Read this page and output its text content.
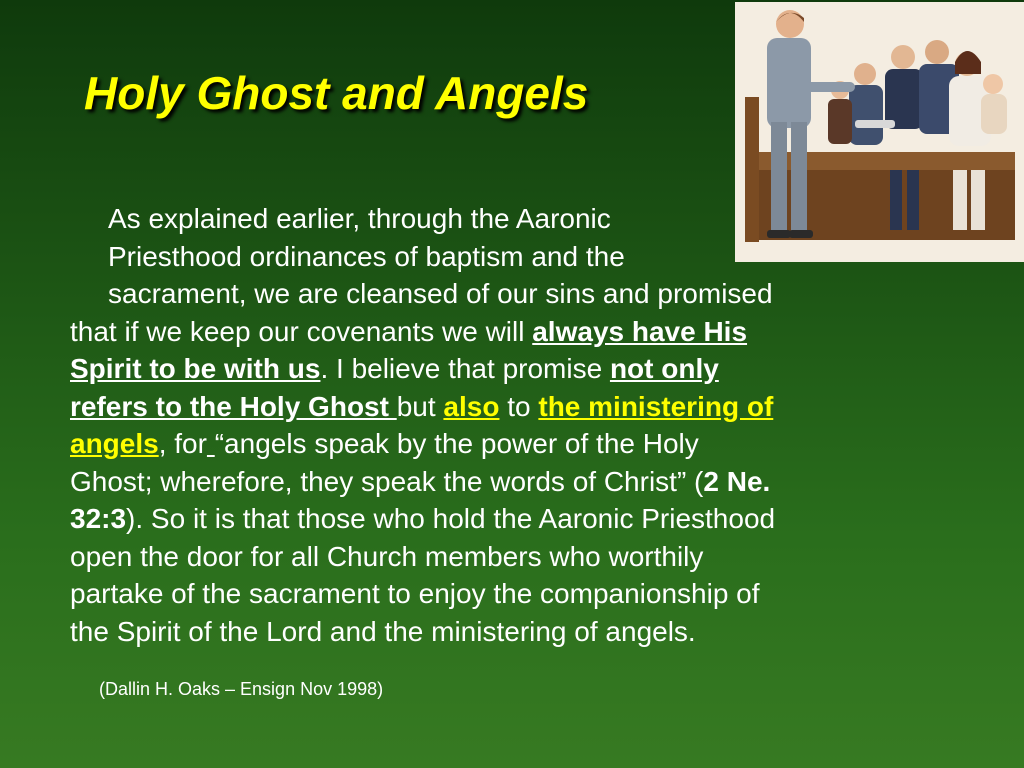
Holy Ghost and Angels
As explained earlier, through the Aaronic
Priesthood ordinances of baptism and the
sacrament, we are cleansed of our sins and promised
that if we keep our covenants we will always have His
Spirit to be with us. I believe that promise not only
refers to the Holy Ghost but also to the ministering of
angels, for “angels speak by the power of the Holy
Ghost; wherefore, they speak the words of Christ” (2 Ne.
32:3). So it is that those who hold the Aaronic Priesthood
open the door for all Church members who worthily
partake of the sacrament to enjoy the companionship of
the Spirit of the Lord and the ministering of angels.

(Dallin H. Oaks – Ensign Nov 1998)
